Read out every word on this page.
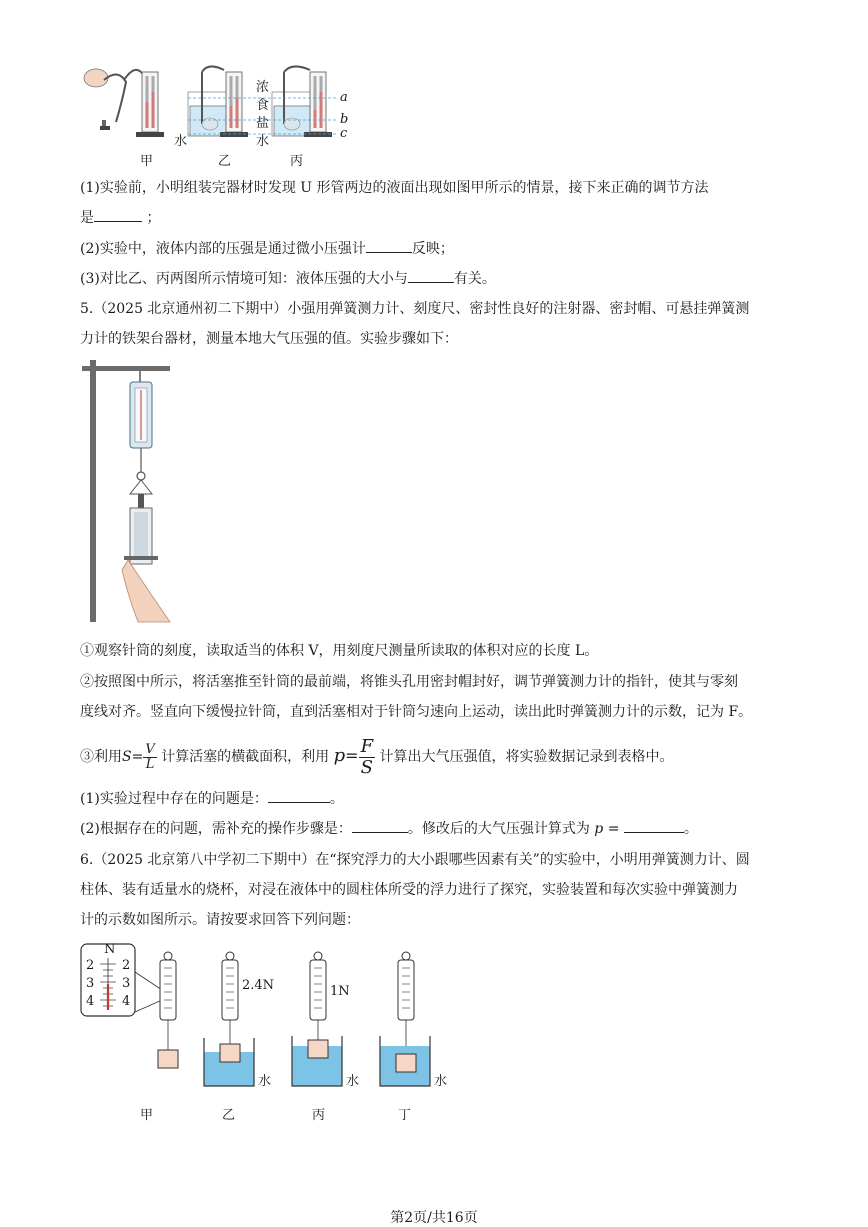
甲	乙	丙
水
浓
食
盐
水
a
b
c
(1)实验前，小明组装完器材时发现 U 形管两边的液面出现如图甲所示的情景，接下来正确的调节方法
是	；
(2)实验中，液体内部的压强是通过微小压强计	反映；
(3)对比乙、丙两图所示情境可知：液体压强的大小与	有关。
5.（2025 北京通州初二下期中）小强用弹簧测力计、刻度尺、密封性良好的注射器、密封帽、可悬挂弹簧测
力计的铁架台器材，测量本地大气压强的值。实验步骤如下：
①观察针筒的刻度，读取适当的体积 V，用刻度尺测量所读取的体积对应的长度 L。
②按照图中所示，将活塞推至针筒的最前端，将锥头孔用密封帽封好，调节弹簧测力计的指针，使其与零刻
度线对齐。竖直向下缓慢拉针筒，直到活塞相对于针筒匀速向上运动，读出此时弹簧测力计的示数，记为 F。
③利用$S= \frac{V}{L}$ 计算活塞的横截面积，利用 $p= \frac{F}{S}$ 计算出大气压强值，将实验数据记录到表格中。
(1)实验过程中存在的问题是：	。
(2)根据存在的问题，需补充的操作步骤是：	。修改后的大气压强计算式为 p =	。
6.（2025 北京第八中学初二下期中）在“探究浮力的大小跟哪些因素有关”的实验中，小明用弹簧测力计、圆
柱体、装有适量水的烧杯，对浸在液体中的圆柱体所受的浮力进行了探究，实验装置和每次实验中弹簧测力
计的示数如图所示。请按要求回答下列问题：
N
2
3
4
2
3
4
2.4N	1N
水	水	水
甲	乙	丙	丁
第2页/共16页
